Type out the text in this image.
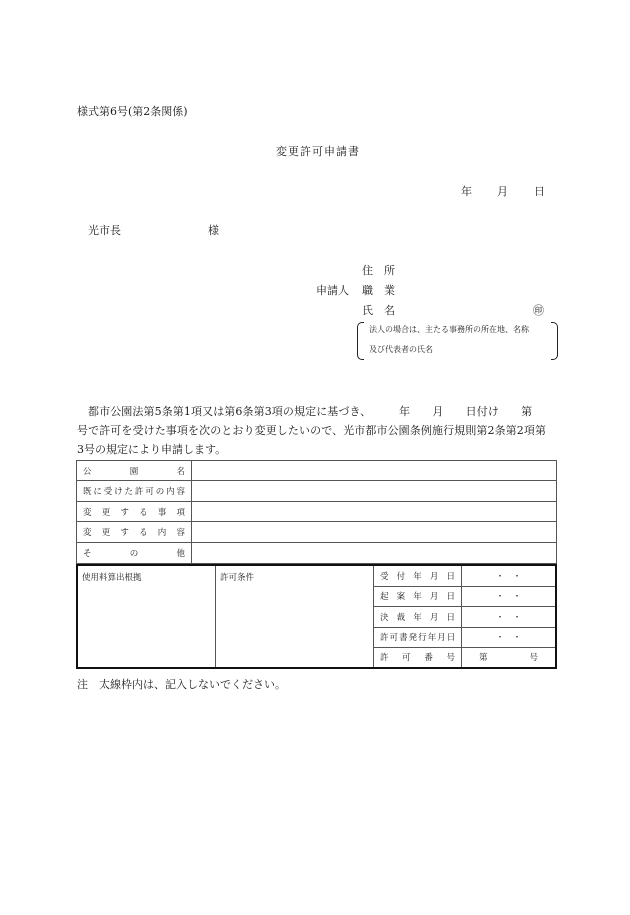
様式第6号(第2条関係)
変更許可申請書
年 月 日
光市長	様
住　所
申請人 職　業
氏　名	㊞
法人の場合は、主たる事務所の所在地、名称
及び代表者の氏名
都市公園法第5条第1項又は第6条第3項の規定に基づき、　　　年　　月　　日付け　　第
号で許可を受けた事項を次のとおり変更したいので、光市都市公園条例施行規則第2条第2項第
3号の規定により申請します。
公園名	
既に受けた許可の内容	
変更する事項	
変更する内容	
その他	
使用料算出根拠	許可条件	受付年月日	・　・
		起案年月日	・　・
		決裁年月日	・　・
		許可書発行年月日	・　・
		許可番号	第 号
注　太線枠内は、記入しないでください。
